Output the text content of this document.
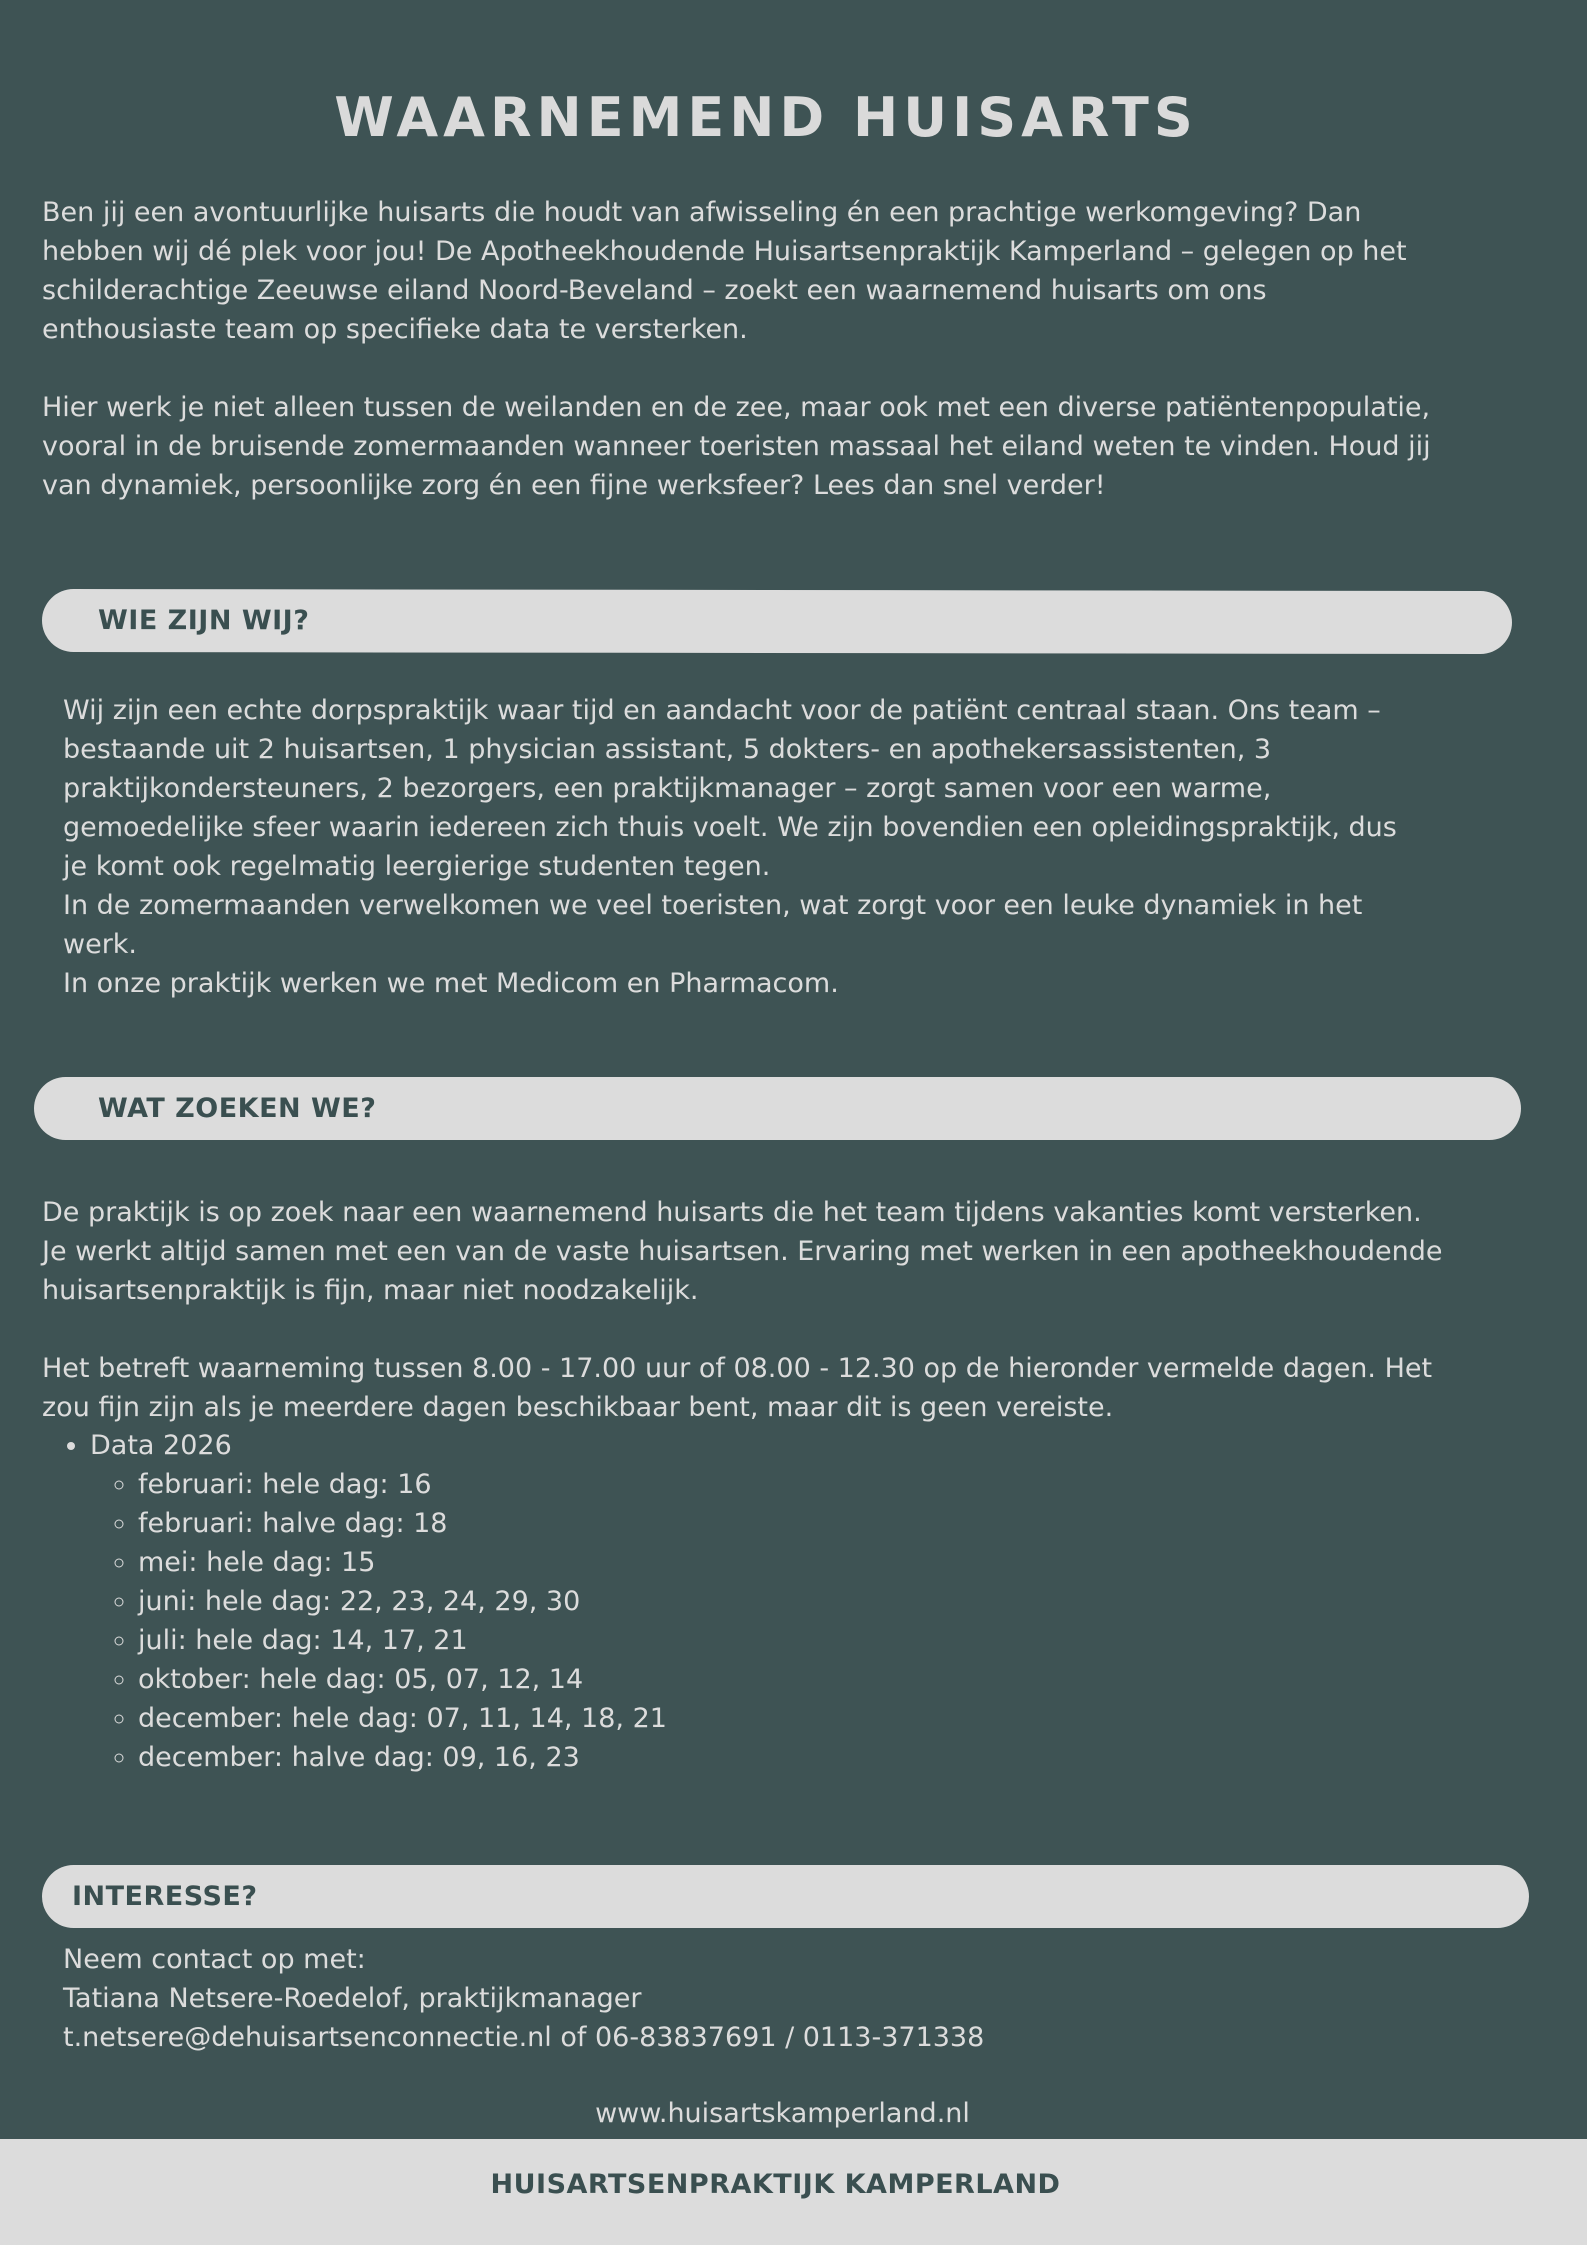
WAARNEMEND HUISARTS

Ben jij een avontuurlijke huisarts die houdt van afwisseling én een prachtige werkomgeving? Dan
hebben wij dé plek voor jou! De Apotheekhoudende Huisartsenpraktijk Kamperland – gelegen op het
schilderachtige Zeeuwse eiland Noord-Beveland – zoekt een waarnemend huisarts om ons
enthousiaste team op specifieke data te versterken.

Hier werk je niet alleen tussen de weilanden en de zee, maar ook met een diverse patiëntenpopulatie,
vooral in de bruisende zomermaanden wanneer toeristen massaal het eiland weten te vinden. Houd jij
van dynamiek, persoonlijke zorg én een fijne werksfeer? Lees dan snel verder!

WIE ZIJN WIJ?

Wij zijn een echte dorpspraktijk waar tijd en aandacht voor de patiënt centraal staan. Ons team –
bestaande uit 2 huisartsen, 1 physician assistant, 5 dokters- en apothekersassistenten, 3
praktijkondersteuners, 2 bezorgers, een praktijkmanager – zorgt samen voor een warme,
gemoedelijke sfeer waarin iedereen zich thuis voelt. We zijn bovendien een opleidingspraktijk, dus
je komt ook regelmatig leergierige studenten tegen.
In de zomermaanden verwelkomen we veel toeristen, wat zorgt voor een leuke dynamiek in het
werk.
In onze praktijk werken we met Medicom en Pharmacom.

WAT ZOEKEN WE?

De praktijk is op zoek naar een waarnemend huisarts die het team tijdens vakanties komt versterken.
Je werkt altijd samen met een van de vaste huisartsen. Ervaring met werken in een apotheekhoudende
huisartsenpraktijk is fijn, maar niet noodzakelijk.

Het betreft waarneming tussen 8.00 - 17.00 uur of 08.00 - 12.30 op de hieronder vermelde dagen. Het
zou fijn zijn als je meerdere dagen beschikbaar bent, maar dit is geen vereiste.

• Data 2026
◦ februari: hele dag: 16
◦ februari: halve dag: 18
◦ mei: hele dag: 15
◦ juni: hele dag: 22, 23, 24, 29, 30
◦ juli: hele dag: 14, 17, 21
◦ oktober: hele dag: 05, 07, 12, 14
◦ december: hele dag: 07, 11, 14, 18, 21
◦ december: halve dag: 09, 16, 23
INTERESSE?

Neem contact op met:
Tatiana Netsere-Roedelof, praktijkmanager
t.netsere@dehuisartsenconnectie.nl of 06-83837691 / 0113-371338

www.huisartskamperland.nl

HUISARTSENPRAKTIJK KAMPERLAND
